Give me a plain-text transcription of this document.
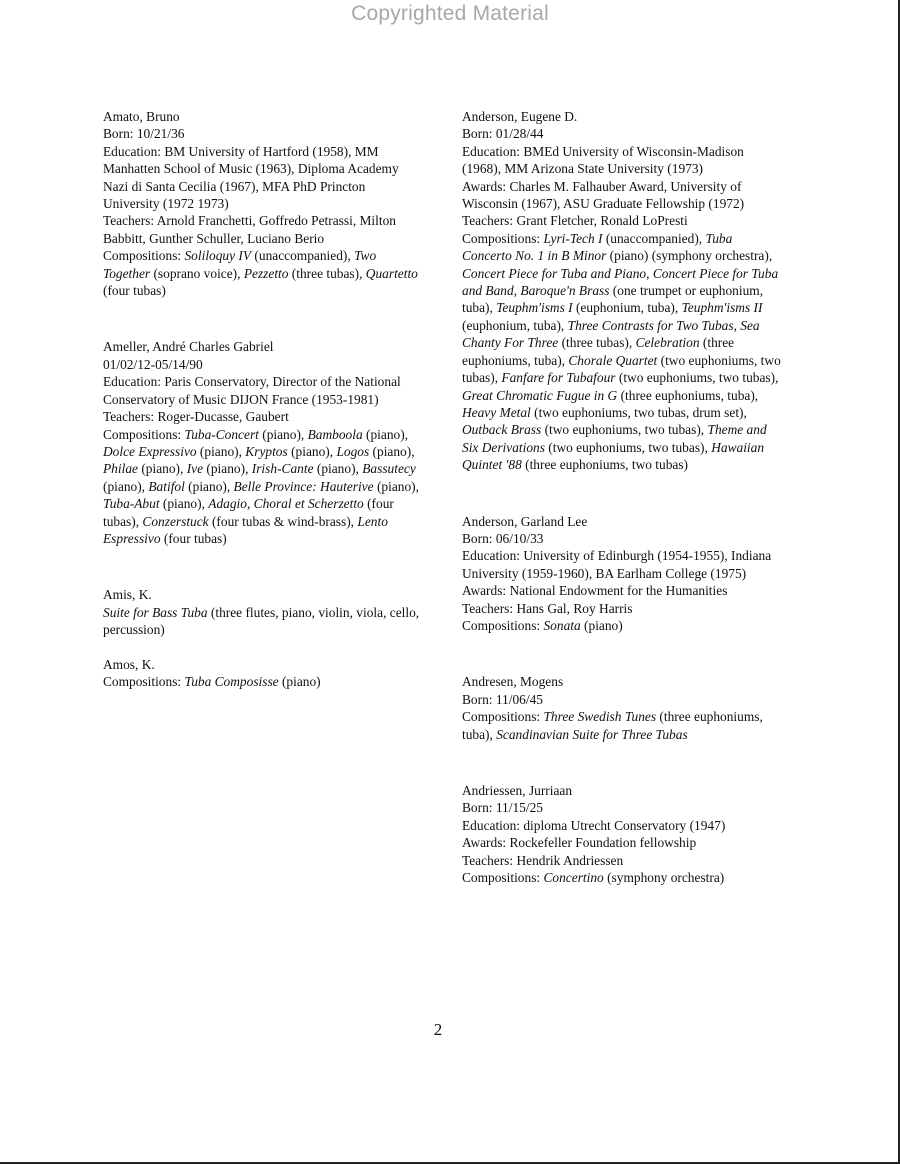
Copyrighted Material
Amato, Bruno
Born: 10/21/36
Education: BM University of Hartford (1958), MM Manhatten School of Music (1963), Diploma Academy Nazi di Santa Cecilia (1967), MFA PhD Princton University (1972 1973)
Teachers: Arnold Franchetti, Goffredo Petrassi, Milton Babbitt, Gunther Schuller, Luciano Berio
Compositions: Soliloquy IV (unaccompanied), Two Together (soprano voice), Pezzetto (three tubas), Quartetto (four tubas)
Ameller, André Charles Gabriel
01/02/12-05/14/90
Education: Paris Conservatory, Director of the National Conservatory of Music DIJON France (1953-1981)
Teachers: Roger-Ducasse, Gaubert
Compositions: Tuba-Concert (piano), Bamboola (piano), Dolce Expressivo (piano), Kryptos (piano), Logos (piano), Philae (piano), Ive (piano), Irish-Cante (piano), Bassutecy (piano), Batifol (piano), Belle Province: Hauterive (piano), Tuba-Abut (piano), Adagio, Choral et Scherzetto (four tubas), Conzerstuck (four tubas & wind-brass), Lento Espressivo (four tubas)
Amis, K.
Suite for Bass Tuba (three flutes, piano, violin, viola, cello, percussion)
Amos, K.
Compositions: Tuba Composisse (piano)
Anderson, Eugene D.
Born: 01/28/44
Education: BMEd University of Wisconsin-Madison (1968), MM Arizona State University (1973)
Awards: Charles M. Falhauber Award, University of Wisconsin (1967), ASU Graduate Fellowship (1972)
Teachers: Grant Fletcher, Ronald LoPresti
Compositions: Lyri-Tech I (unaccompanied), Tuba Concerto No. 1 in B Minor (piano) (symphony orchestra), Concert Piece for Tuba and Piano, Concert Piece for Tuba and Band, Baroque'n Brass (one trumpet or euphonium, tuba), Teuphm'isms I (euphonium, tuba), Teuphm'isms II (euphonium, tuba), Three Contrasts for Two Tubas, Sea Chanty For Three (three tubas), Celebration (three euphoniums, tuba), Chorale Quartet (two euphoniums, two tubas), Fanfare for Tubafour (two euphoniums, two tubas), Great Chromatic Fugue in G (three euphoniums, tuba), Heavy Metal (two euphoniums, two tubas, drum set), Outback Brass (two euphoniums, two tubas), Theme and Six Derivations (two euphoniums, two tubas), Hawaiian Quintet '88 (three euphoniums, two tubas)
Anderson, Garland Lee
Born: 06/10/33
Education: University of Edinburgh (1954-1955), Indiana University (1959-1960), BA Earlham College (1975)
Awards: National Endowment for the Humanities
Teachers: Hans Gal, Roy Harris
Compositions: Sonata (piano)
Andresen, Mogens
Born: 11/06/45
Compositions: Three Swedish Tunes (three euphoniums, tuba), Scandinavian Suite for Three Tubas
Andriessen, Jurriaan
Born: 11/15/25
Education: diploma Utrecht Conservatory (1947)
Awards: Rockefeller Foundation fellowship
Teachers: Hendrik Andriessen
Compositions: Concertino (symphony orchestra)
2
